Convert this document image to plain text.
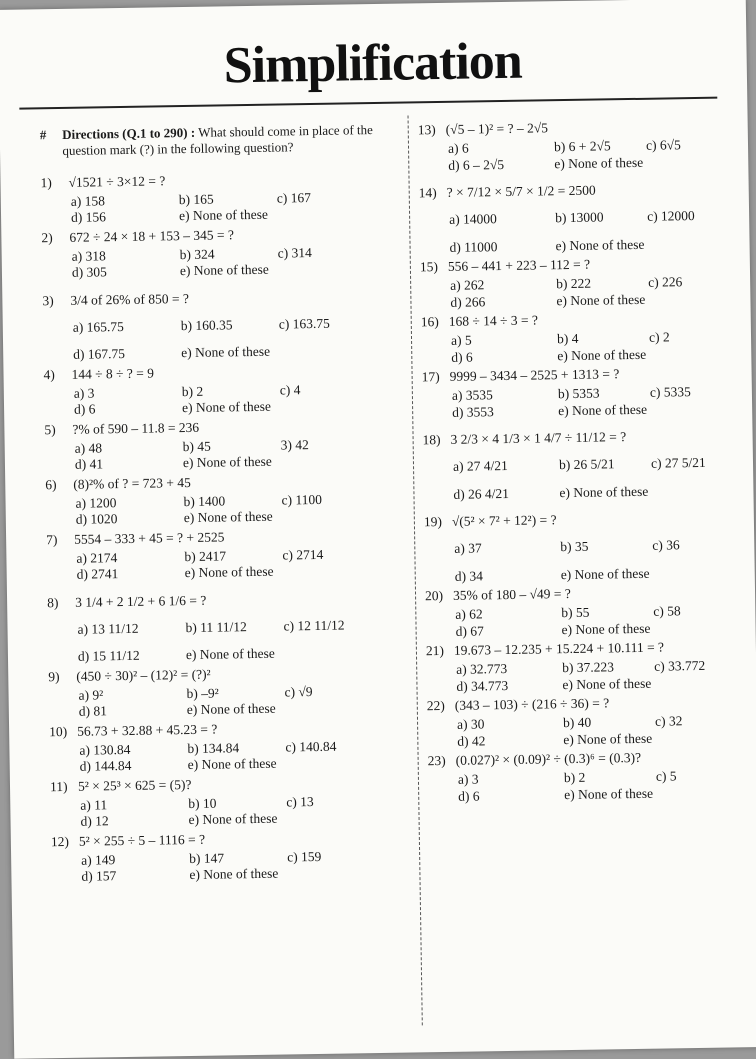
Simplification
#	Directions (Q.1 to 290) : What should come in place of the question mark (?) in the following question?
1)	√1521 ÷ 3×12 = ?
a) 158	b) 165	c) 167
d) 156	e) None of these
2)	672 ÷ 24 × 18 + 153 – 345 = ?
a) 318	b) 324	c) 314
d) 305	e) None of these
3)	3/4 of 26% of 850 = ?
a) 165.75	b) 160.35	c) 163.75
d) 167.75	e) None of these
4)	144 ÷ 8 ÷ ? = 9
a) 3	b) 2	c) 4
d) 6	e) None of these
5)	?% of 590 – 11.8 = 236
a) 48	b) 45	3) 42
d) 41	e) None of these
6)	(8)²% of ? = 723 + 45
a) 1200	b) 1400	c) 1100
d) 1020	e) None of these
7)	5554 – 333 + 45 = ? + 2525
a) 2174	b) 2417	c) 2714
d) 2741	e) None of these
8)	3 1/4 + 2 1/2 + 6 1/6 = ?
a) 13 11/12	b) 11 11/12	c) 12 11/12
d) 15 11/12	e) None of these
9)	(450 ÷ 30)² – (12)² = (?)²
a) 9²	b) –9²	c) √9
d) 81	e) None of these
10) 56.73 + 32.88 + 45.23 = ?
a) 130.84	b) 134.84	c) 140.84
d) 144.84	e) None of these
11) 5² × 25³ × 625 = (5)?
a) 11	b) 10	c) 13
d) 12	e) None of these
12) 5² × 255 ÷ 5 – 1116 = ?
a) 149	b) 147	c) 159
d) 157	e) None of these
13) (√5 – 1)² = ? – 2√5
a) 6	b) 6 + 2√5	c) 6√5
d) 6 – 2√5	e) None of these
14) ? × 7/12 × 5/7 × 1/2 = 2500
a) 14000	b) 13000	c) 12000
d) 11000	e) None of these
15) 556 – 441 + 223 – 112 = ?
a) 262	b) 222	c) 226
d) 266	e) None of these
16) 168 ÷ 14 ÷ 3 = ?
a) 5	b) 4	c) 2
d) 6	e) None of these
17) 9999 – 3434 – 2525 + 1313 = ?
a) 3535	b) 5353	c) 5335
d) 3553	e) None of these
18) 3 2/3 × 4 1/3 × 1 4/7 ÷ 11/12 = ?
a) 27 4/21	b) 26 5/21	c) 27 5/21
d) 26 4/21	e) None of these
19) √(5² × 7² + 12²) = ?
a) 37	b) 35	c) 36
d) 34	e) None of these
20) 35% of 180 – √49 = ?
a) 62	b) 55	c) 58
d) 67	e) None of these
21) 19.673 – 12.235 + 15.224 + 10.111 = ?
a) 32.773	b) 37.223	c) 33.772
d) 34.773	e) None of these
22) (343 – 103) ÷ (216 ÷ 36) = ?
a) 30	b) 40	c) 32
d) 42	e) None of these
23) (0.027)² × (0.09)² ÷ (0.3)⁶ = (0.3)?
a) 3	b) 2	c) 5
d) 6	e) None of these
